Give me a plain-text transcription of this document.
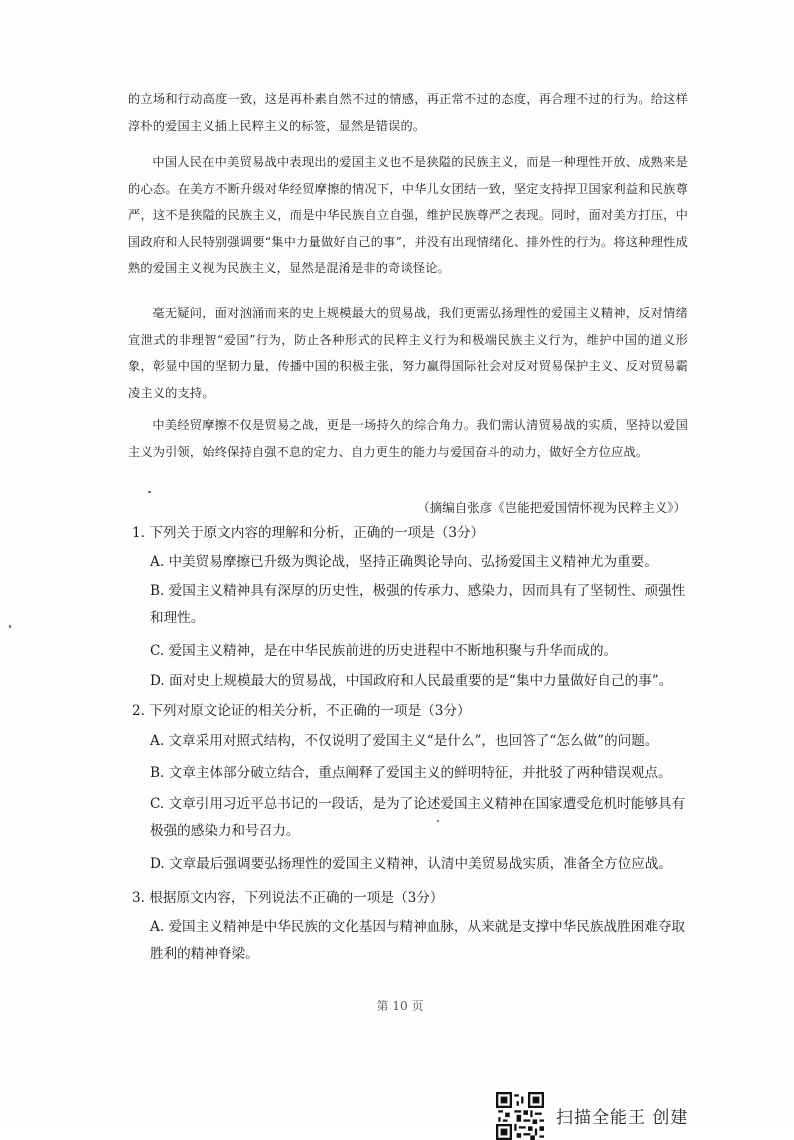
的立场和行动高度一致，这是再朴素自然不过的情感，再正常不过的态度，再合理不过的行为。给这样淳朴的爱国主义插上民粹主义的标签，显然是错误的。
中国人民在中美贸易战中表现出的爱国主义也不是狭隘的民族主义，而是一种理性开放、成熟来是的心态。在美方不断升级对华经贸摩擦的情况下，中华儿女团结一致，坚定支持捍卫国家利益和民族尊严，这不是狭隘的民族主义，而是中华民族自立自强，维护民族尊严之表现。同时，面对美方打压，中国政府和人民特别强调要“集中力量做好自己的事”，并没有出现情绪化、排外性的行为。将这种理性成熟的爱国主义视为民族主义，显然是混淆是非的奇谈怪论。
毫无疑问，面对汹涌而来的史上规模最大的贸易战，我们更需弘扬理性的爱国主义精神，反对情绪宣泄式的非理智“爱国”行为，防止各种形式的民粹主义行为和极端民族主义行为，维护中国的道义形象，彰显中国的坚韧力量，传播中国的积极主张，努力赢得国际社会对反对贸易保护主义、反对贸易霸凌主义的支持。
中美经贸摩擦不仅是贸易之战，更是一场持久的综合角力。我们需认清贸易战的实质，坚持以爱国主义为引领，始终保持自强不息的定力、自力更生的能力与爱国奋斗的动力，做好全方位应战。
（摘编自张彦《岂能把爱国情怀视为民粹主义》）
1. 下列关于原文内容的理解和分析，正确的一项是（3分）
A. 中美贸易摩擦已升级为舆论战，坚持正确舆论导向、弘扬爱国主义精神尤为重要。
B. 爱国主义精神具有深厚的历史性，极强的传承力、感染力，因而具有了坚韧性、顽强性和理性。
C. 爱国主义精神，是在中华民族前进的历史进程中不断地积聚与升华而成的。
D. 面对史上规模最大的贸易战，中国政府和人民最重要的是“集中力量做好自己的事”。
2. 下列对原文论证的相关分析，不正确的一项是（3分）
A. 文章采用对照式结构，不仅说明了爱国主义“是什么”，也回答了“怎么做”的问题。
B. 文章主体部分破立结合，重点阐释了爱国主义的鲜明特征，并批驳了两种错误观点。
C. 文章引用习近平总书记的一段话，是为了论述爱国主义精神在国家遭受危机时能够具有极强的感染力和号召力。
D. 文章最后强调要弘扬理性的爱国主义精神，认清中美贸易战实质，准备全方位应战。
3. 根据原文内容，下列说法不正确的一项是（3分）
A. 爱国主义精神是中华民族的文化基因与精神血脉，从来就是支撑中华民族战胜困难夺取胜利的精神脊梁。
第 10 页
扫描全能王 创建
